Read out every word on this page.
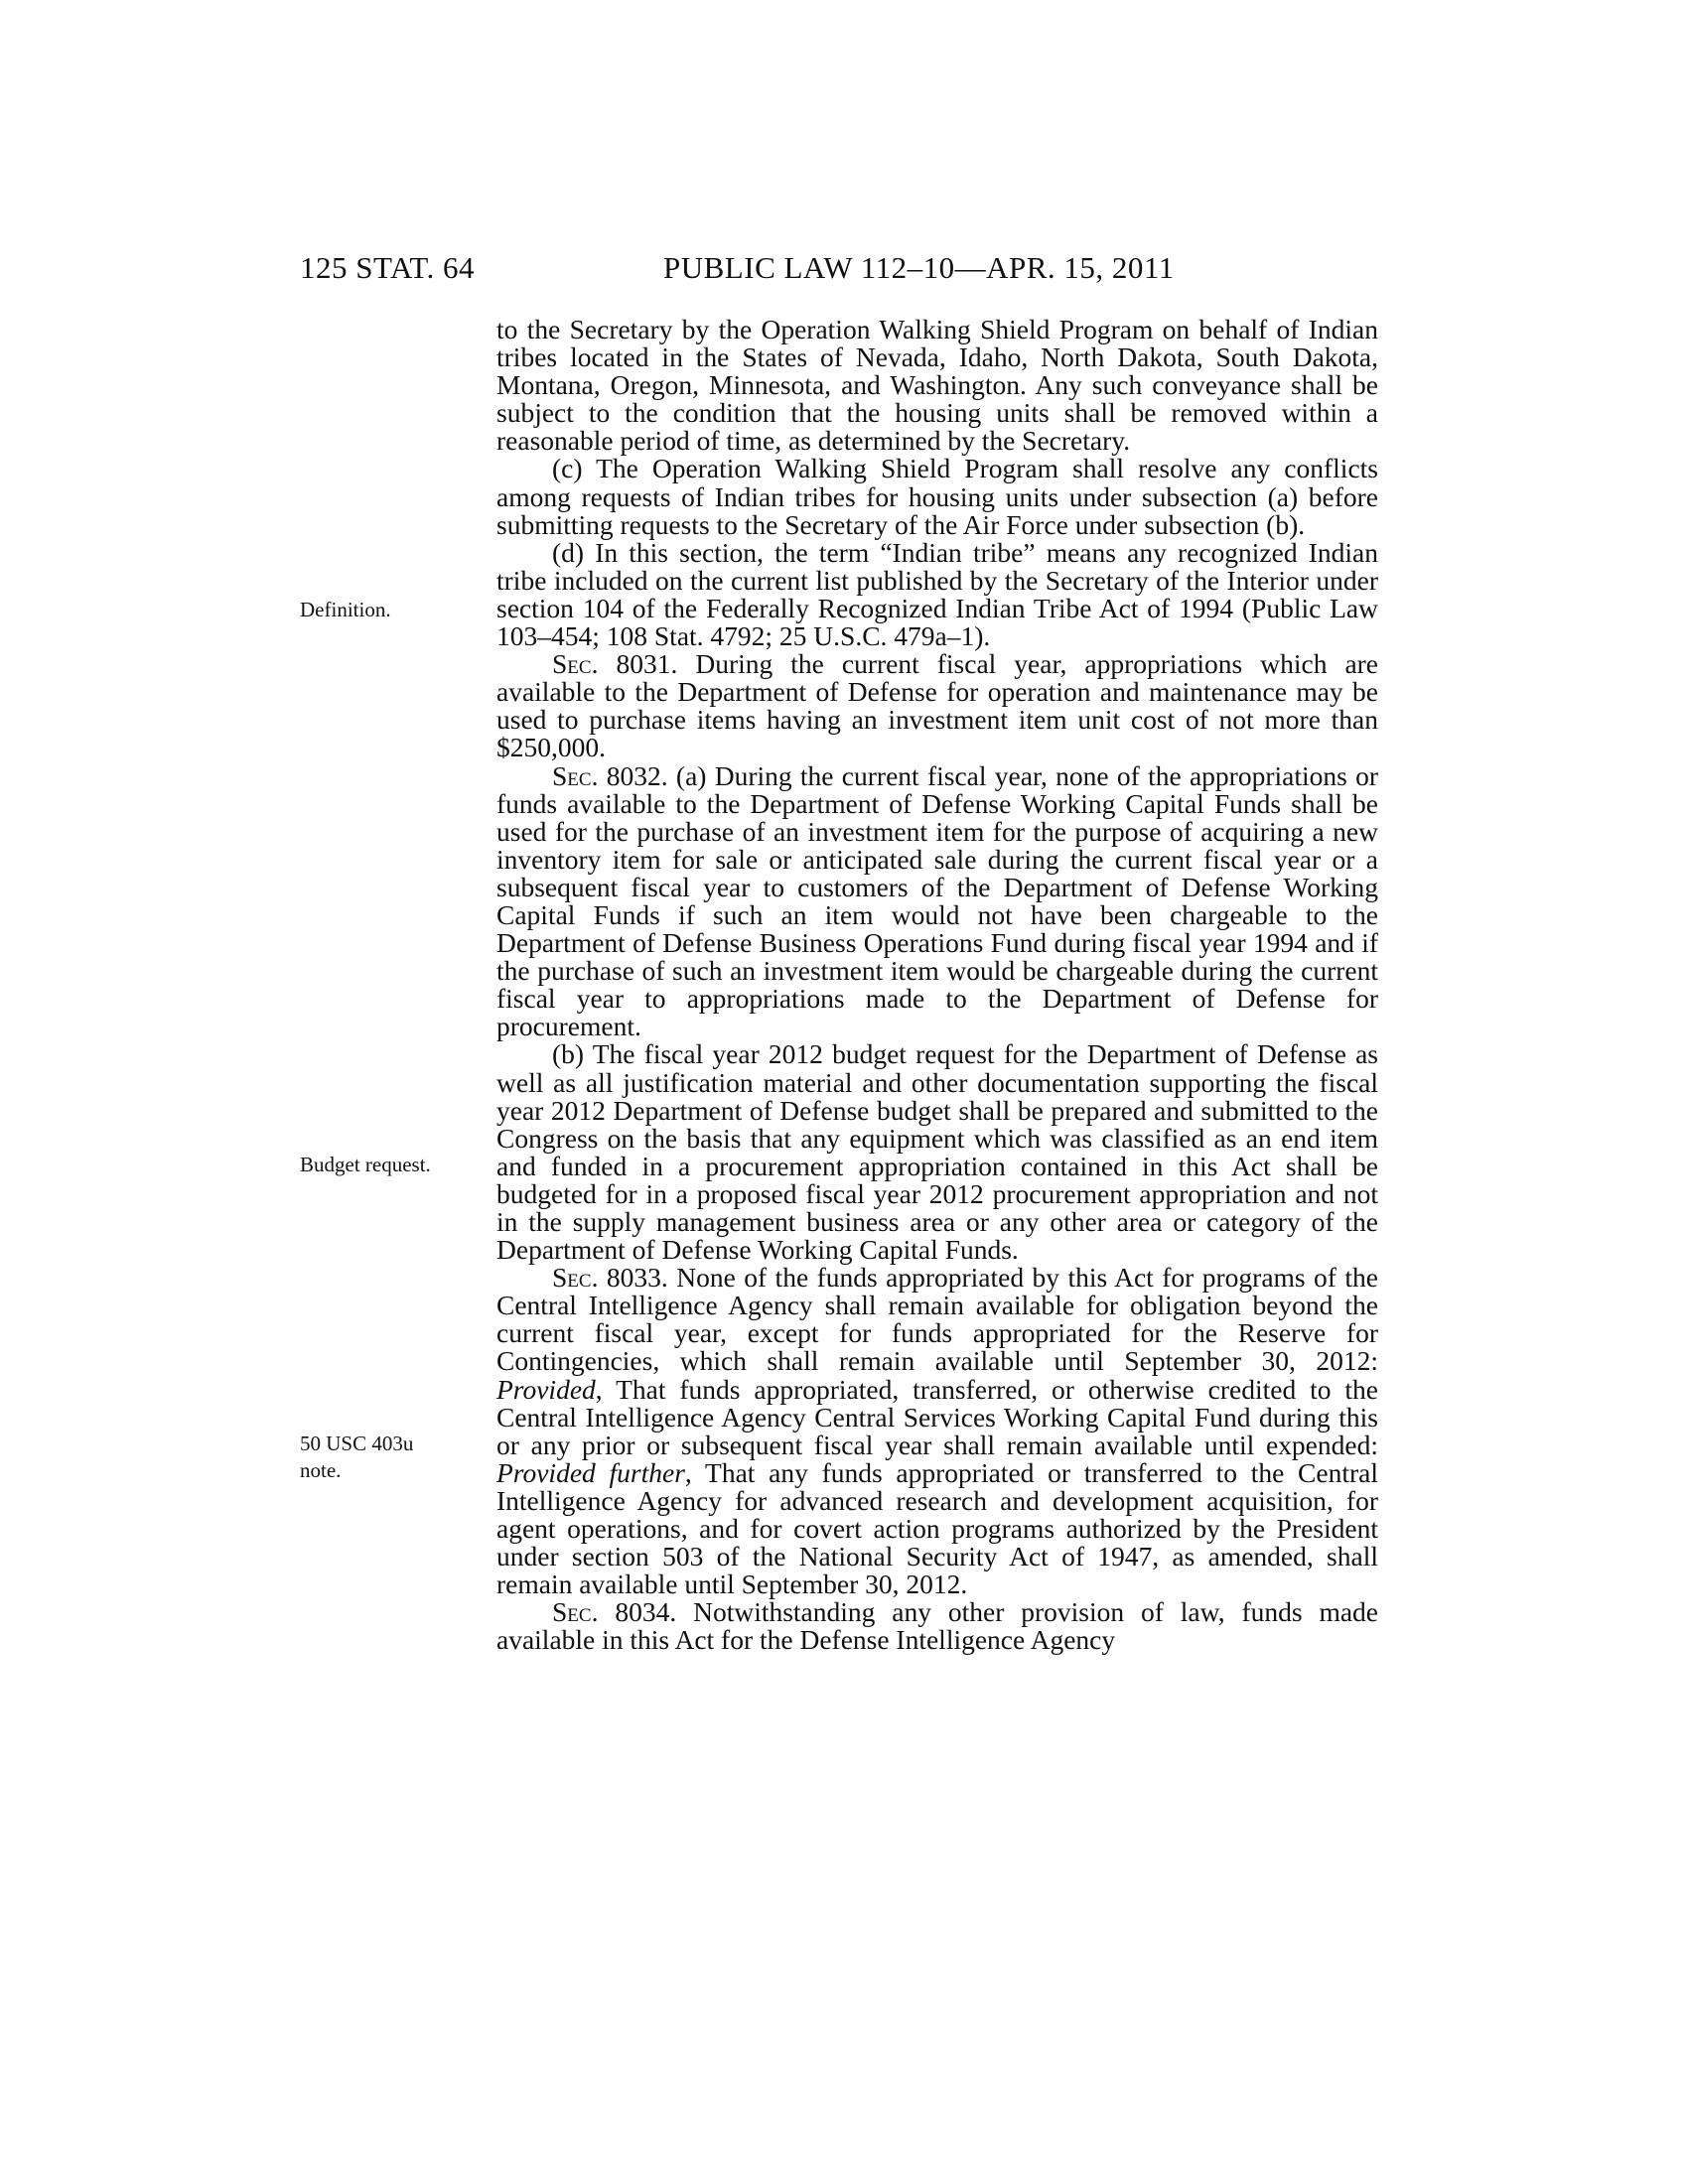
125 STAT. 64	PUBLIC LAW 112–10—APR. 15, 2011
Definition.
Budget request.
50 USC 403u
note.

to the Secretary by the Operation Walking Shield Program on behalf of Indian tribes located in the States of Nevada, Idaho, North Dakota, South Dakota, Montana, Oregon, Minnesota, and Washington. Any such conveyance shall be subject to the condition that the housing units shall be removed within a reasonable period of time, as determined by the Secretary.

(c) The Operation Walking Shield Program shall resolve any conflicts among requests of Indian tribes for housing units under subsection (a) before submitting requests to the Secretary of the Air Force under subsection (b).

(d) In this section, the term “Indian tribe” means any recognized Indian tribe included on the current list published by the Secretary of the Interior under section 104 of the Federally Recognized Indian Tribe Act of 1994 (Public Law 103–454; 108 Stat. 4792; 25 U.S.C. 479a–1).

Sec. 8031. During the current fiscal year, appropriations which are available to the Department of Defense for operation and maintenance may be used to purchase items having an investment item unit cost of not more than $250,000.

Sec. 8032. (a) During the current fiscal year, none of the appropriations or funds available to the Department of Defense Working Capital Funds shall be used for the purchase of an investment item for the purpose of acquiring a new inventory item for sale or anticipated sale during the current fiscal year or a subsequent fiscal year to customers of the Department of Defense Working Capital Funds if such an item would not have been chargeable to the Department of Defense Business Operations Fund during fiscal year 1994 and if the purchase of such an investment item would be chargeable during the current fiscal year to appropriations made to the Department of Defense for procurement.

(b) The fiscal year 2012 budget request for the Department of Defense as well as all justification material and other documentation supporting the fiscal year 2012 Department of Defense budget shall be prepared and submitted to the Congress on the basis that any equipment which was classified as an end item and funded in a procurement appropriation contained in this Act shall be budgeted for in a proposed fiscal year 2012 procurement appropriation and not in the supply management business area or any other area or category of the Department of Defense Working Capital Funds.

Sec. 8033. None of the funds appropriated by this Act for programs of the Central Intelligence Agency shall remain available for obligation beyond the current fiscal year, except for funds appropriated for the Reserve for Contingencies, which shall remain available until September 30, 2012: Provided, That funds appropriated, transferred, or otherwise credited to the Central Intelligence Agency Central Services Working Capital Fund during this or any prior or subsequent fiscal year shall remain available until expended: Provided further, That any funds appropriated or transferred to the Central Intelligence Agency for advanced research and development acquisition, for agent operations, and for covert action programs authorized by the President under section 503 of the National Security Act of 1947, as amended, shall remain available until September 30, 2012.

Sec. 8034. Notwithstanding any other provision of law, funds made available in this Act for the Defense Intelligence Agency
